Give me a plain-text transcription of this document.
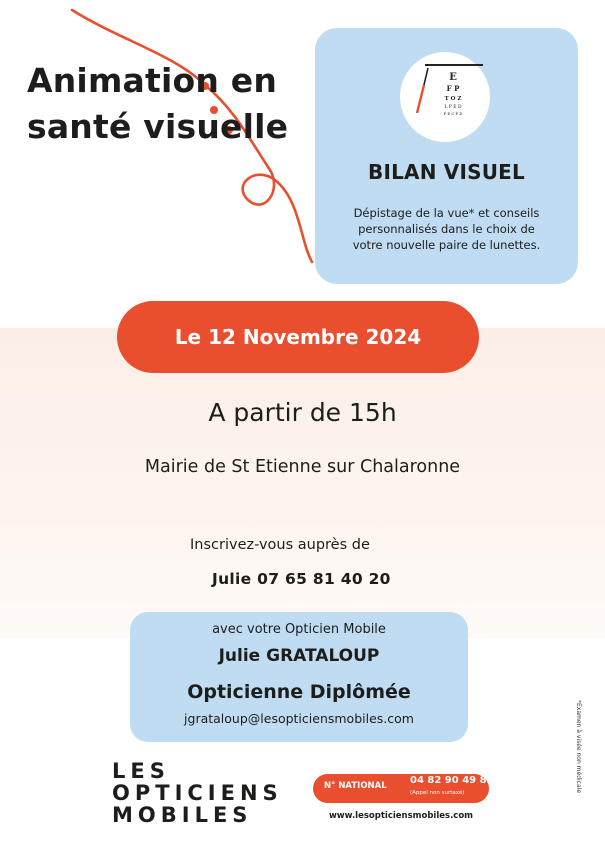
E
F P
T O Z
L P E D
P E C F D
Animation en
santé visuelle
BILAN VISUEL
Dépistage de la vue* et conseils
personnalisés dans le choix de
votre nouvelle paire de lunettes.
Le 12 Novembre 2024
A partir de 15h
Mairie de St Etienne sur Chalaronne
Inscrivez-vous auprès de
Julie 07 65 81 40 20
avec votre Opticien Mobile
Julie GRATALOUP
Opticienne Diplômée
jgrataloup@lesopticiensmobiles.com
LES
OPTICIENS
MOBILES
N° NATIONAL 04 82 90 49 82
(Appel non surtaxé)
www.lesopticiensmobiles.com
*Examen à visée non médicale
